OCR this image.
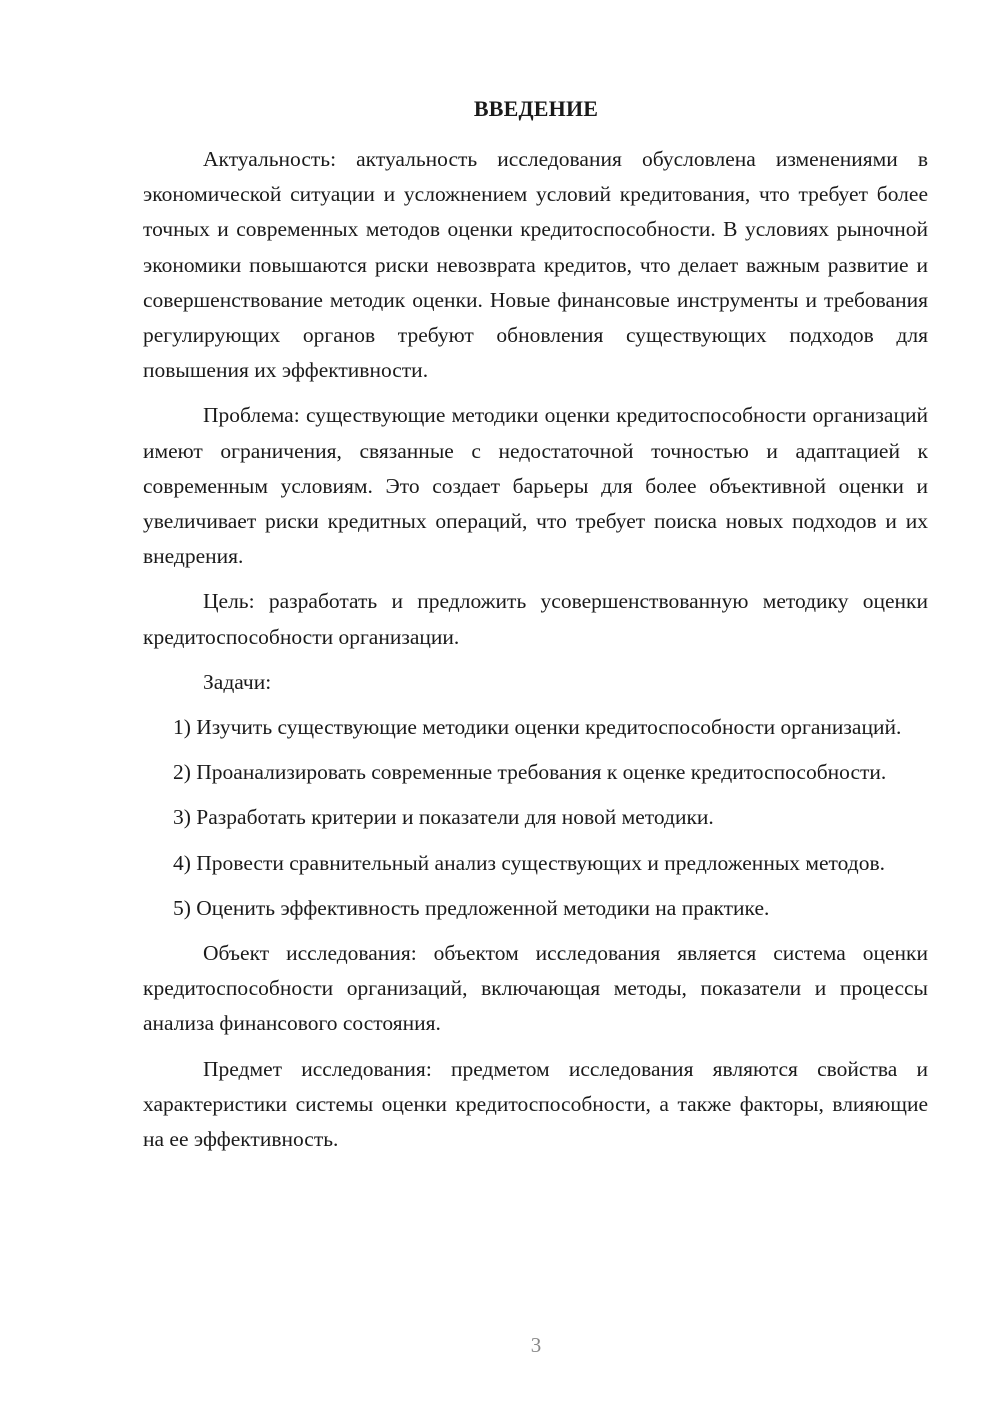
ВВЕДЕНИЕ

Актуальность: актуальность исследования обусловлена изменениями в экономической ситуации и усложнением условий кредитования, что требует более точных и современных методов оценки кредитоспособности. В условиях рыночной экономики повышаются риски невозврата кредитов, что делает важным развитие и совершенствование методик оценки. Новые финансовые инструменты и требования регулирующих органов требуют обновления существующих подходов для повышения их эффективности.

Проблема: существующие методики оценки кредитоспособности организаций имеют ограничения, связанные с недостаточной точностью и адаптацией к современным условиям. Это создает барьеры для более объективной оценки и увеличивает риски кредитных операций, что требует поиска новых подходов и их внедрения.

Цель: разработать и предложить усовершенствованную методику оценки кредитоспособности организации.

Задачи:

1) Изучить существующие методики оценки кредитоспособности организаций.

2) Проанализировать современные требования к оценке кредитоспособности.

3) Разработать критерии и показатели для новой методики.

4) Провести сравнительный анализ существующих и предложенных методов.

5) Оценить эффективность предложенной методики на практике.

Объект исследования: объектом исследования является система оценки кредитоспособности организаций, включающая методы, показатели и процессы анализа финансового состояния.

Предмет исследования: предметом исследования являются свойства и характеристики системы оценки кредитоспособности, а также факторы, влияющие на ее эффективность.

3
